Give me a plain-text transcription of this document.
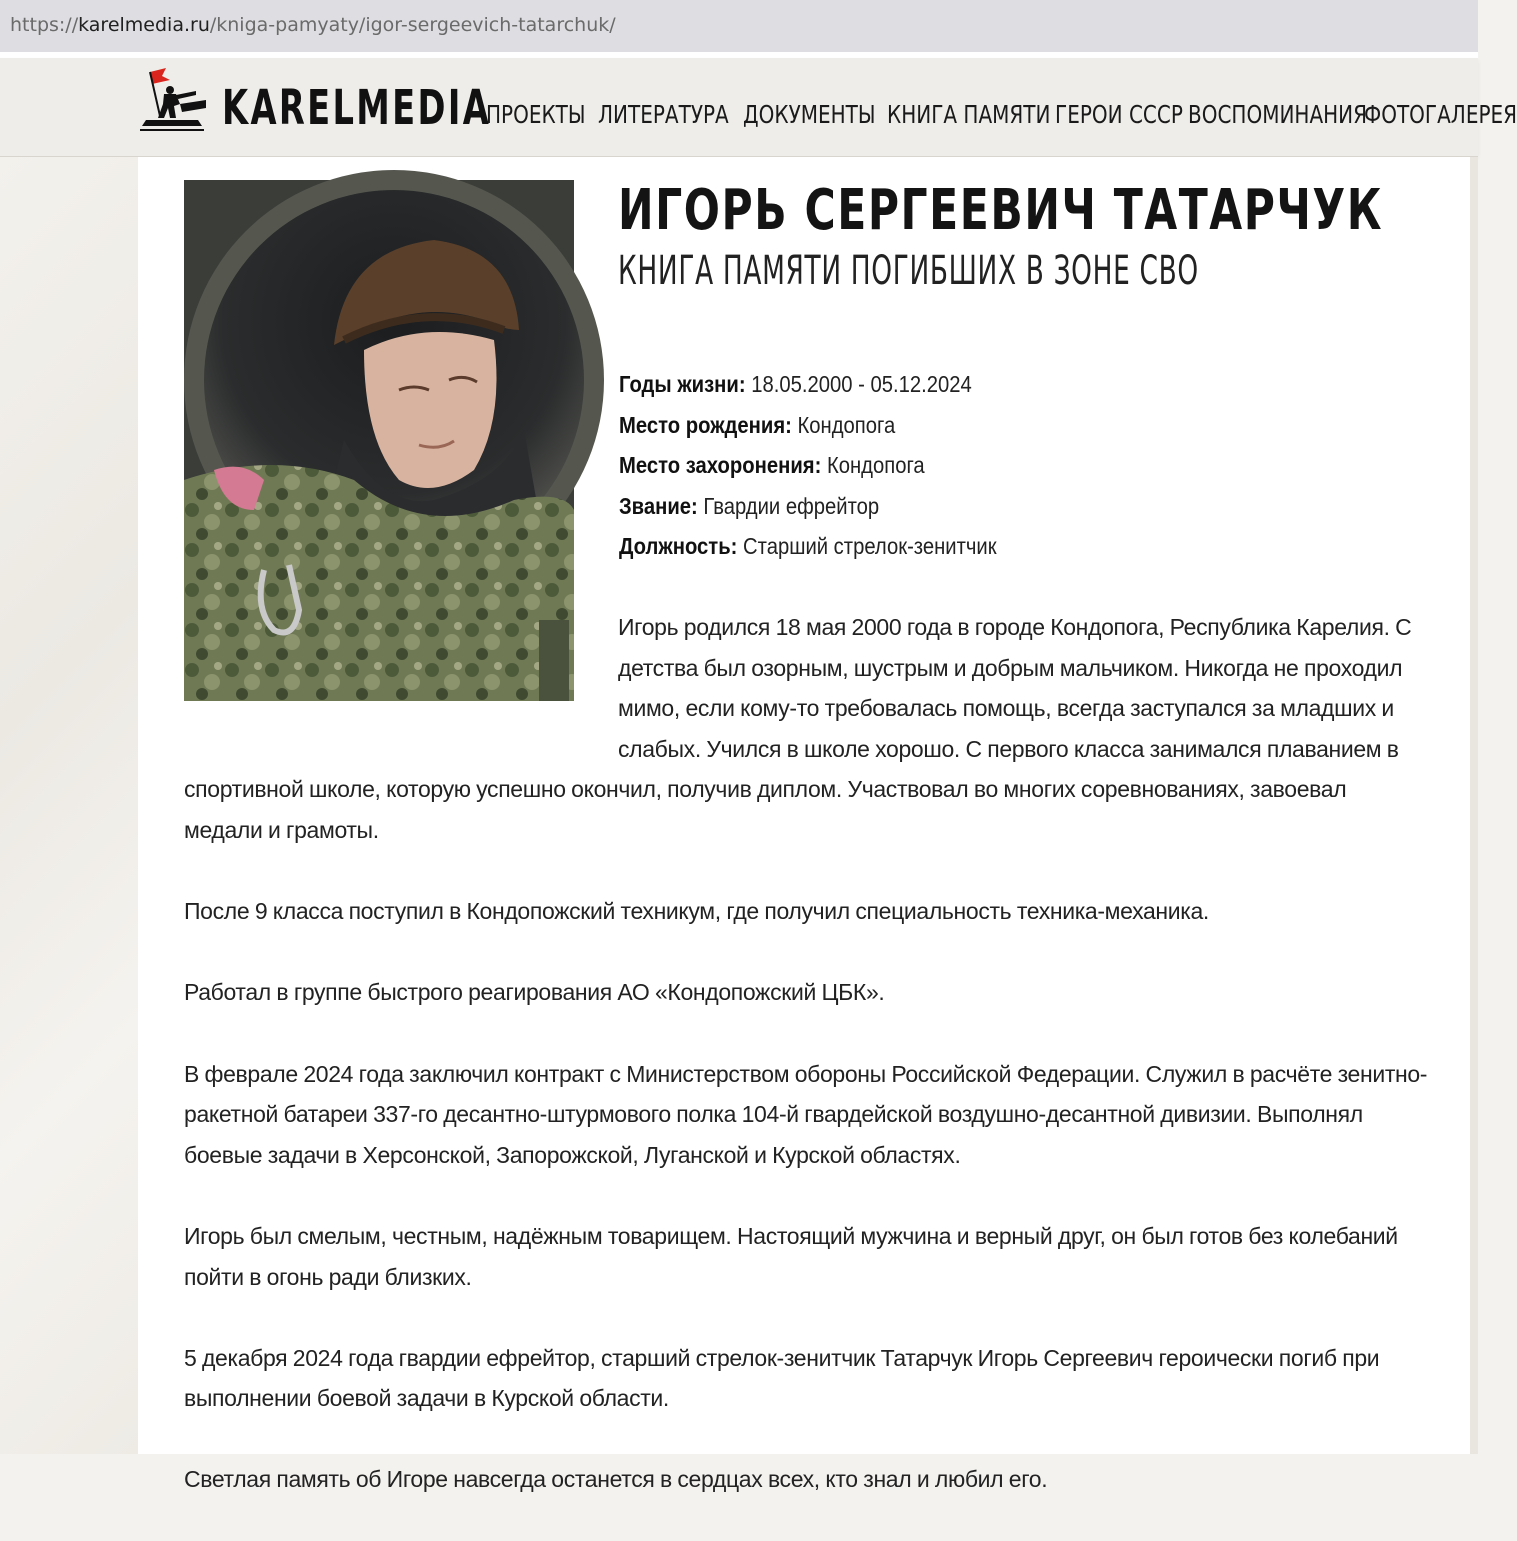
https://karelmedia.ru/kniga-pamyaty/igor-sergeevich-tatarchuk/
KARELMEDIA
ПРОЕКТЫ ЛИТЕРАТУРА ДОКУМЕНТЫ КНИГА ПАМЯТИ ГЕРОИ СССР ВОСПОМИНАНИЯ
ФОТОГАЛЕРЕЯ
ИГОРЬ СЕРГЕЕВИЧ ТАТАРЧУК
КНИГА ПАМЯТИ ПОГИБШИХ В ЗОНЕ СВО
Годы жизни: 18.05.2000 - 05.12.2024
Место рождения: Кондопога
Место захоронения: Кондопога
Звание: Гвардии ефрейтор
Должность: Старший стрелок-зенитчик

Игорь родился 18 мая 2000 года в городе Кондопога, Республика Карелия. С детства был озорным, шустрым и добрым мальчиком. Никогда не проходил мимо, если кому-то требовалась помощь, всегда заступался за младших и слабых. Учился в школе хорошо. С первого класса занимался плаванием в спортивной школе, которую успешно окончил, получив диплом. Участвовал во многих соревнованиях, завоевал медали и грамоты.

После 9 класса поступил в Кондопожский техникум, где получил специальность техника-механика.

Работал в группе быстрого реагирования АО «Кондопожский ЦБК».

В феврале 2024 года заключил контракт с Министерством обороны Российской Федерации. Служил в расчёте зенитно-ракетной батареи 337-го десантно-штурмового полка 104-й гвардейской воздушно-десантной дивизии. Выполнял боевые задачи в Херсонской, Запорожской, Луганской и Курской областях.

Игорь был смелым, честным, надёжным товарищем. Настоящий мужчина и верный друг, он был готов без колебаний пойти в огонь ради близких.

5 декабря 2024 года гвардии ефрейтор, старший стрелок-зенитчик Татарчук Игорь Сергеевич героически погиб при выполнении боевой задачи в Курской области.

Светлая память об Игоре навсегда останется в сердцах всех, кто знал и любил его.
